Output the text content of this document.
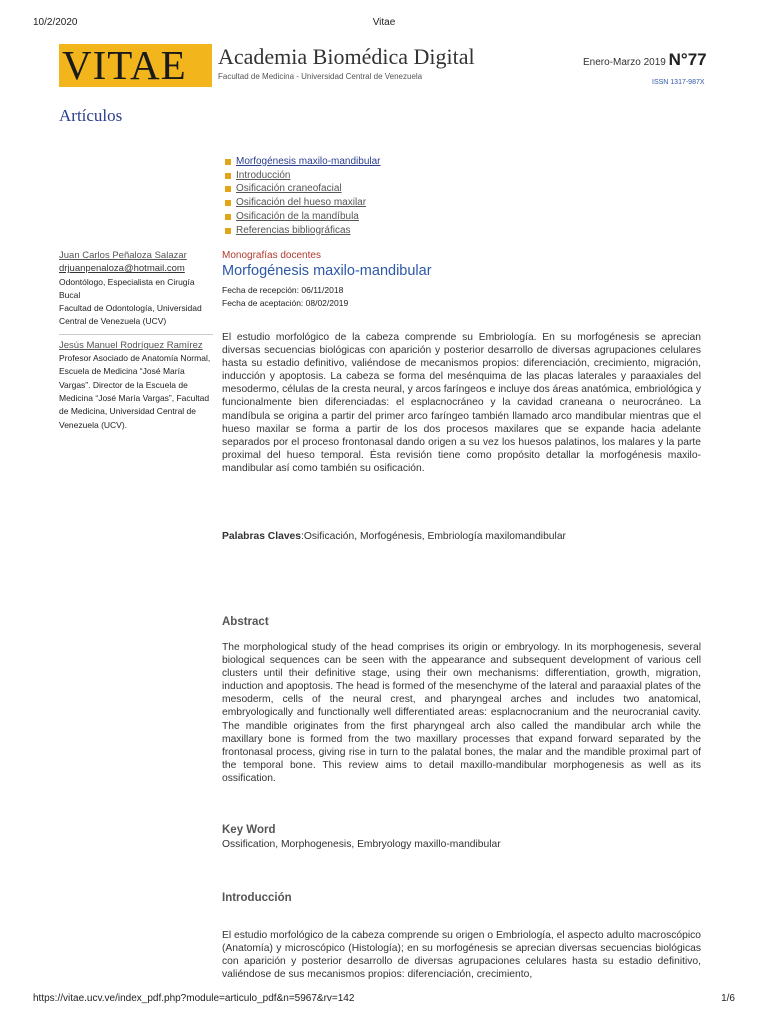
10/2/2020	Vitae
VITAE	Academia Biomédica Digital
Facultad de Medicina - Universidad Central de Venezuela
Enero-Marzo 2019 N°77
ISSN 1317-987X
Artículos
Morfogénesis maxilo-mandibular
Introducción
Osificación craneofacial
Osificación del hueso maxilar
Osificación de la mandíbula
Referencias bibliográficas
Juan Carlos Peñaloza Salazar
drjuanpenaloza@hotmail.com
Odontólogo, Especialista en Cirugía
Bucal
Facultad de Odontología, Universidad
Central de Venezuela (UCV)
Jesús Manuel Rodríguez Ramírez
Profesor Asociado de Anatomía Normal,
Escuela de Medicina “José María
Vargas”. Director de la Escuela de
Medicina “José María Vargas”, Facultad
de Medicina, Universidad Central de
Venezuela (UCV).
Monografías docentes
Morfogénesis maxilo-mandibular
Fecha de recepción: 06/11/2018
Fecha de aceptación: 08/02/2019

El estudio morfológico de la cabeza comprende su Embriología. En su morfogénesis se aprecian diversas secuencias biológicas con aparición y posterior desarrollo de diversas agrupaciones celulares hasta su estadio definitivo, valiéndose de mecanismos propios: diferenciación, crecimiento, migración, inducción y apoptosis. La cabeza se forma del mesénquima de las placas laterales y paraaxiales del mesodermo, células de la cresta neural, y arcos faríngeos e incluye dos áreas anatómica, embriológica y funcionalmente bien diferenciadas: el esplacnocráneo y la cavidad craneana o neurocráneo. La mandíbula se origina a partir del primer arco faríngeo también llamado arco mandibular mientras que el hueso maxilar se forma a partir de los dos procesos maxilares que se expande hacia adelante separados por el proceso frontonasal dando origen a su vez los huesos palatinos, los malares y la parte proximal del hueso temporal. Ésta revisión tiene como propósito detallar la morfogénesis maxilo-mandibular así como también su osificación.

Palabras Claves:Osificación, Morfogénesis, Embriología maxilomandibular

Abstract

The morphological study of the head comprises its origin or embryology. In its morphogenesis, several biological sequences can be seen with the appearance and subsequent development of various cell clusters until their definitive stage, using their own mechanisms: differentiation, growth, migration, induction and apoptosis. The head is formed of the mesenchyme of the lateral and paraaxial plates of the mesoderm, cells of the neural crest, and pharyngeal arches and includes two anatomical, embryologically and functionally well differentiated areas: esplacnocranium and the neurocranial cavity. The mandible originates from the first pharyngeal arch also called the mandibular arch while the maxillary bone is formed from the two maxillary processes that expand forward separated by the frontonasal process, giving rise in turn to the palatal bones, the malar and the mandible proximal part of the temporal bone. This review aims to detail maxillo-mandibular morphogenesis as well as its ossification.

Key Word

Ossification, Morphogenesis, Embryology maxillo-mandibular

Introducción

El estudio morfológico de la cabeza comprende su origen o Embriología, el aspecto adulto macroscópico (Anatomía) y microscópico (Histología); en su morfogénesis se aprecian diversas secuencias biológicas con aparición y posterior desarrollo de diversas agrupaciones celulares hasta su estadio definitivo, valiéndose de sus mecanismos propios: diferenciación, crecimiento,

https://vitae.ucv.ve/index_pdf.php?module=articulo_pdf&n=5967&rv=142	1/6
